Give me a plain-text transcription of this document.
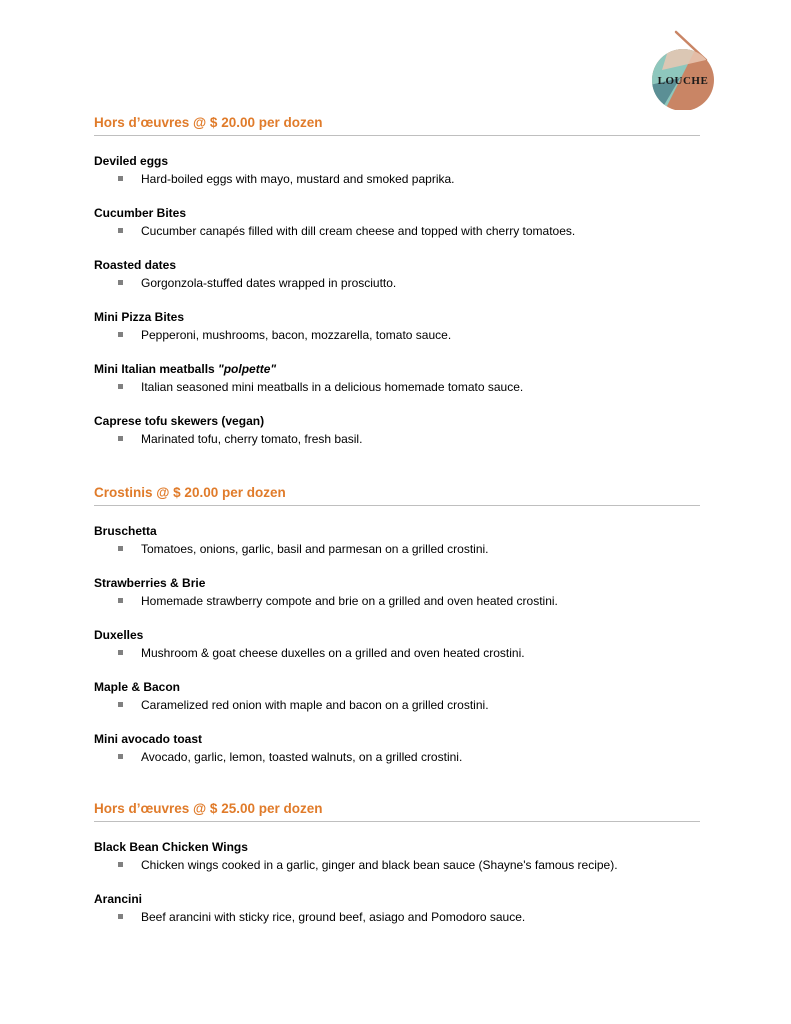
LOUCHE
Hors d’œuvres @ $ 20.00 per dozen
Deviled eggs
Hard-boiled eggs with mayo, mustard and smoked paprika.
Cucumber Bites
Cucumber canapés filled with dill cream cheese and topped with cherry tomatoes.
Roasted dates
Gorgonzola-stuffed dates wrapped in prosciutto.
Mini Pizza Bites
Pepperoni, mushrooms, bacon, mozzarella, tomato sauce.
Mini Italian meatballs "polpette"
Italian seasoned mini meatballs in a delicious homemade tomato sauce.
Caprese tofu skewers (vegan)
Marinated tofu, cherry tomato, fresh basil.
Crostinis @ $ 20.00 per dozen
Bruschetta
Tomatoes, onions, garlic, basil and parmesan on a grilled crostini.
Strawberries & Brie
Homemade strawberry compote and brie on a grilled and oven heated crostini.
Duxelles
Mushroom & goat cheese duxelles on a grilled and oven heated crostini.
Maple & Bacon
Caramelized red onion with maple and bacon on a grilled crostini.
Mini avocado toast
Avocado, garlic, lemon, toasted walnuts, on a grilled crostini.
Hors d’œuvres @ $ 25.00 per dozen
Black Bean Chicken Wings
Chicken wings cooked in a garlic, ginger and black bean sauce (Shayne's famous recipe).
Arancini
Beef arancini with sticky rice, ground beef, asiago and Pomodoro sauce.
